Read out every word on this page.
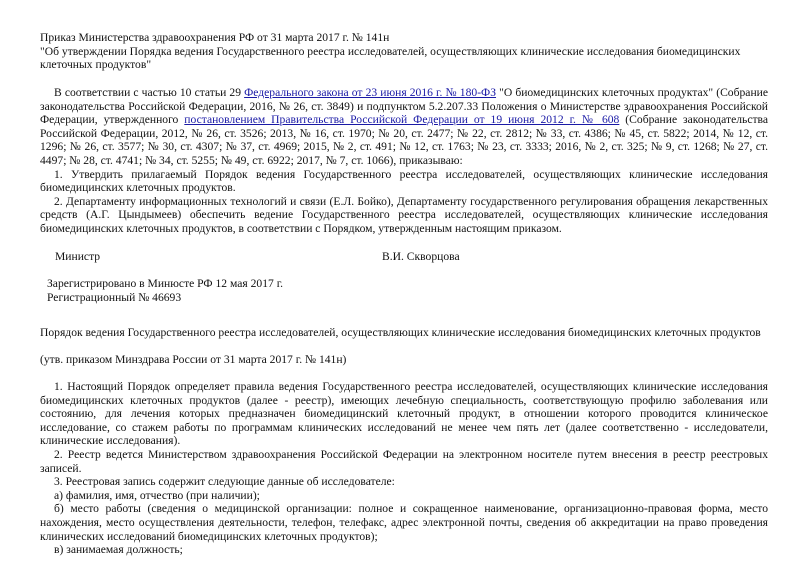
Приказ Министерства здравоохранения РФ от 31 марта 2017 г. № 141н

"Об утверждении Порядка ведения Государственного реестра исследователей, осуществляющих клинические исследования биомедицинских клеточных продуктов"

В соответствии с частью 10 статьи 29 Федерального закона от 23 июня 2016 г. № 180-ФЗ "О биомедицинских клеточных продуктах" (Собрание законодательства Российской Федерации, 2016, № 26, ст. 3849) и подпунктом 5.2.207.33 Положения о Министерстве здравоохранения Российской Федерации, утвержденного постановлением Правительства Российской Федерации от 19 июня 2012 г. № 608 (Собрание законодательства Российской Федерации, 2012, № 26, ст. 3526; 2013, № 16, ст. 1970; № 20, ст. 2477; № 22, ст. 2812; № 33, ст. 4386; № 45, ст. 5822; 2014, № 12, ст. 1296; № 26, ст. 3577; № 30, ст. 4307; № 37, ст. 4969; 2015, № 2, ст. 491; № 12, ст. 1763; № 23, ст. 3333; 2016, № 2, ст. 325; № 9, ст. 1268; № 27, ст. 4497; № 28, ст. 4741; № 34, ст. 5255; № 49, ст. 6922; 2017, № 7, ст. 1066), приказываю:

1. Утвердить прилагаемый Порядок ведения Государственного реестра исследователей, осуществляющих клинические исследования биомедицинских клеточных продуктов.

2. Департаменту информационных технологий и связи (Е.Л. Бойко), Департаменту государственного регулирования обращения лекарственных средств (А.Г. Цындымеев) обеспечить ведение Государственного реестра исследователей, осуществляющих клинические исследования биомедицинских клеточных продуктов, в соответствии с Порядком, утвержденным настоящим приказом.

Министр	В.И. Скворцова

Зарегистрировано в Минюсте РФ 12 мая 2017 г.

Регистрационный № 46693

Порядок ведения Государственного реестра исследователей, осуществляющих клинические исследования биомедицинских клеточных продуктов

(утв. приказом Минздрава России от 31 марта 2017 г. № 141н)

1. Настоящий Порядок определяет правила ведения Государственного реестра исследователей, осуществляющих клинические исследования биомедицинских клеточных продуктов (далее - реестр), имеющих лечебную специальность, соответствующую профилю заболевания или состоянию, для лечения которых предназначен биомедицинский клеточный продукт, в отношении которого проводится клиническое исследование, со стажем работы по программам клинических исследований не менее чем пять лет (далее соответственно - исследователи, клинические исследования).

2. Реестр ведется Министерством здравоохранения Российской Федерации на электронном носителе путем внесения в реестр реестровых записей.

3. Реестровая запись содержит следующие данные об исследователе:

а) фамилия, имя, отчество (при наличии);

б) место работы (сведения о медицинской организации: полное и сокращенное наименование, организационно-правовая форма, место нахождения, место осуществления деятельности, телефон, телефакс, адрес электронной почты, сведения об аккредитации на право проведения клинических исследований биомедицинских клеточных продуктов);

в) занимаемая должность;
